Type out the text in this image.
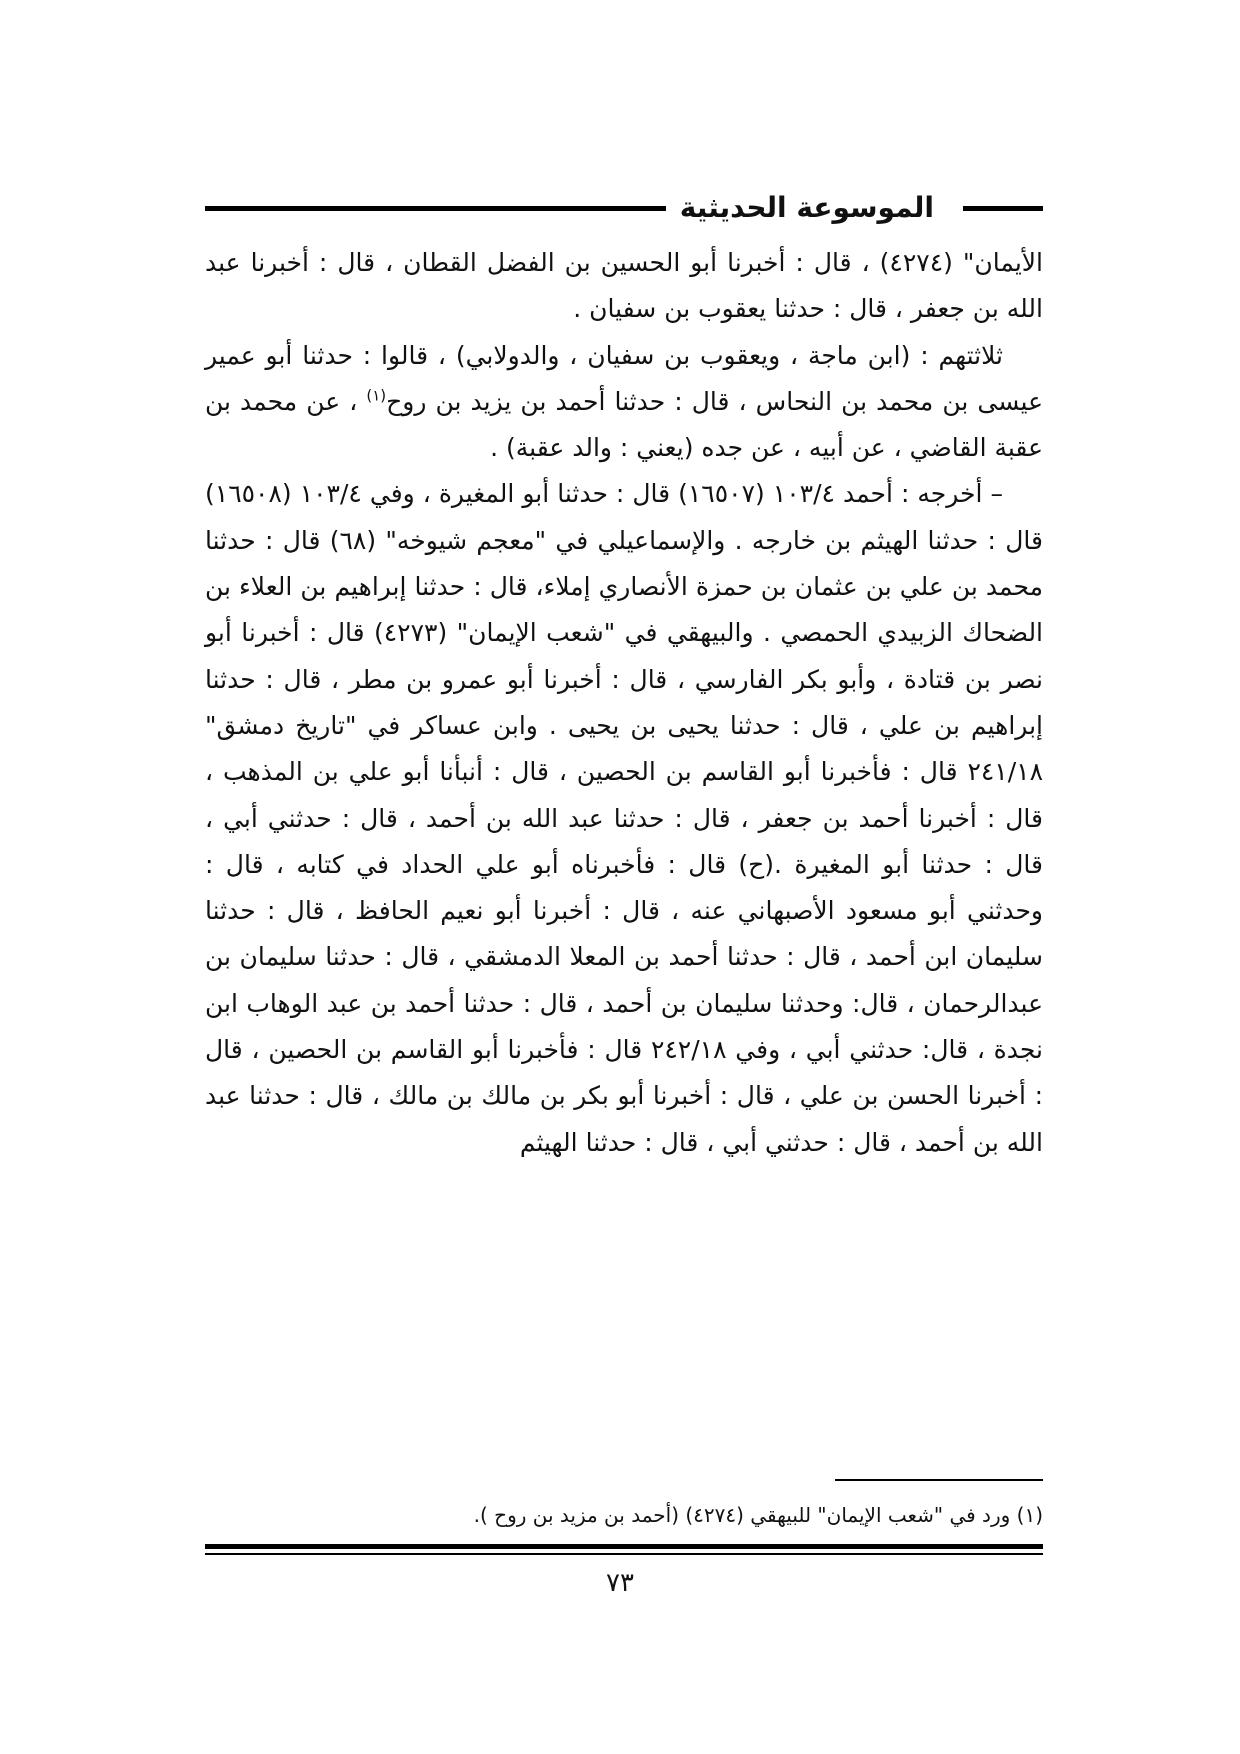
الموسوعة الحديثية

الأيمان" (٤٢٧٤) ، قال : أخبرنا أبو الحسين بن الفضل القطان ، قال : أخبرنا عبد الله بن جعفر ، قال : حدثنا يعقوب بن سفيان .

ثلاثتهم : (ابن ماجة ، ويعقوب بن سفيان ، والدولابي) ، قالوا : حدثنا أبو عمير عيسى بن محمد بن النحاس ، قال : حدثنا أحمد بن يزيد بن روح$^{(١)}$ ، عن محمد بن عقبة القاضي ، عن أبيه ، عن جده (يعني : والد عقبة) .

– أخرجه : أحمد ١٠٣/٤ (١٦٥٠٧) قال : حدثنا أبو المغيرة ، وفي ١٠٣/٤ (١٦٥٠٨) قال : حدثنا الهيثم بن خارجه . والإسماعيلي في "معجم شيوخه" (٦٨) قال : حدثنا محمد بن علي بن عثمان بن حمزة الأنصاري إملاء، قال : حدثنا إبراهيم بن العلاء بن الضحاك الزبيدي الحمصي . والبيهقي في "شعب الإيمان" (٤٢٧٣) قال : أخبرنا أبو نصر بن قتادة ، وأبو بكر الفارسي ، قال : أخبرنا أبو عمرو بن مطر ، قال : حدثنا إبراهيم بن علي ، قال : حدثنا يحيى بن يحيى . وابن عساكر في "تاريخ دمشق" ٢٤١/١٨ قال : فأخبرنا أبو القاسم بن الحصين ، قال : أنبأنا أبو علي بن المذهب ، قال : أخبرنا أحمد بن جعفر ، قال : حدثنا عبد الله بن أحمد ، قال : حدثني أبي ، قال : حدثنا أبو المغيرة .(ح) قال : فأخبرناه أبو علي الحداد في كتابه ، قال : وحدثني أبو مسعود الأصبهاني عنه ، قال : أخبرنا أبو نعيم الحافظ ، قال : حدثنا سليمان ابن أحمد ، قال : حدثنا أحمد بن المعلا الدمشقي ، قال : حدثنا سليمان بن عبدالرحمان ، قال: وحدثنا سليمان بن أحمد ، قال : حدثنا أحمد بن عبد الوهاب ابن نجدة ، قال: حدثني أبي ، وفي ٢٤٢/١٨ قال : فأخبرنا أبو القاسم بن الحصين ، قال : أخبرنا الحسن بن علي ، قال : أخبرنا أبو بكر بن مالك بن مالك ، قال : حدثنا عبد الله بن أحمد ، قال : حدثني أبي ، قال : حدثنا الهيثم

(١) ورد في "شعب الإيمان" للبيهقي (٤٢٧٤) (أحمد بن مزيد بن روح ).
٧٣
